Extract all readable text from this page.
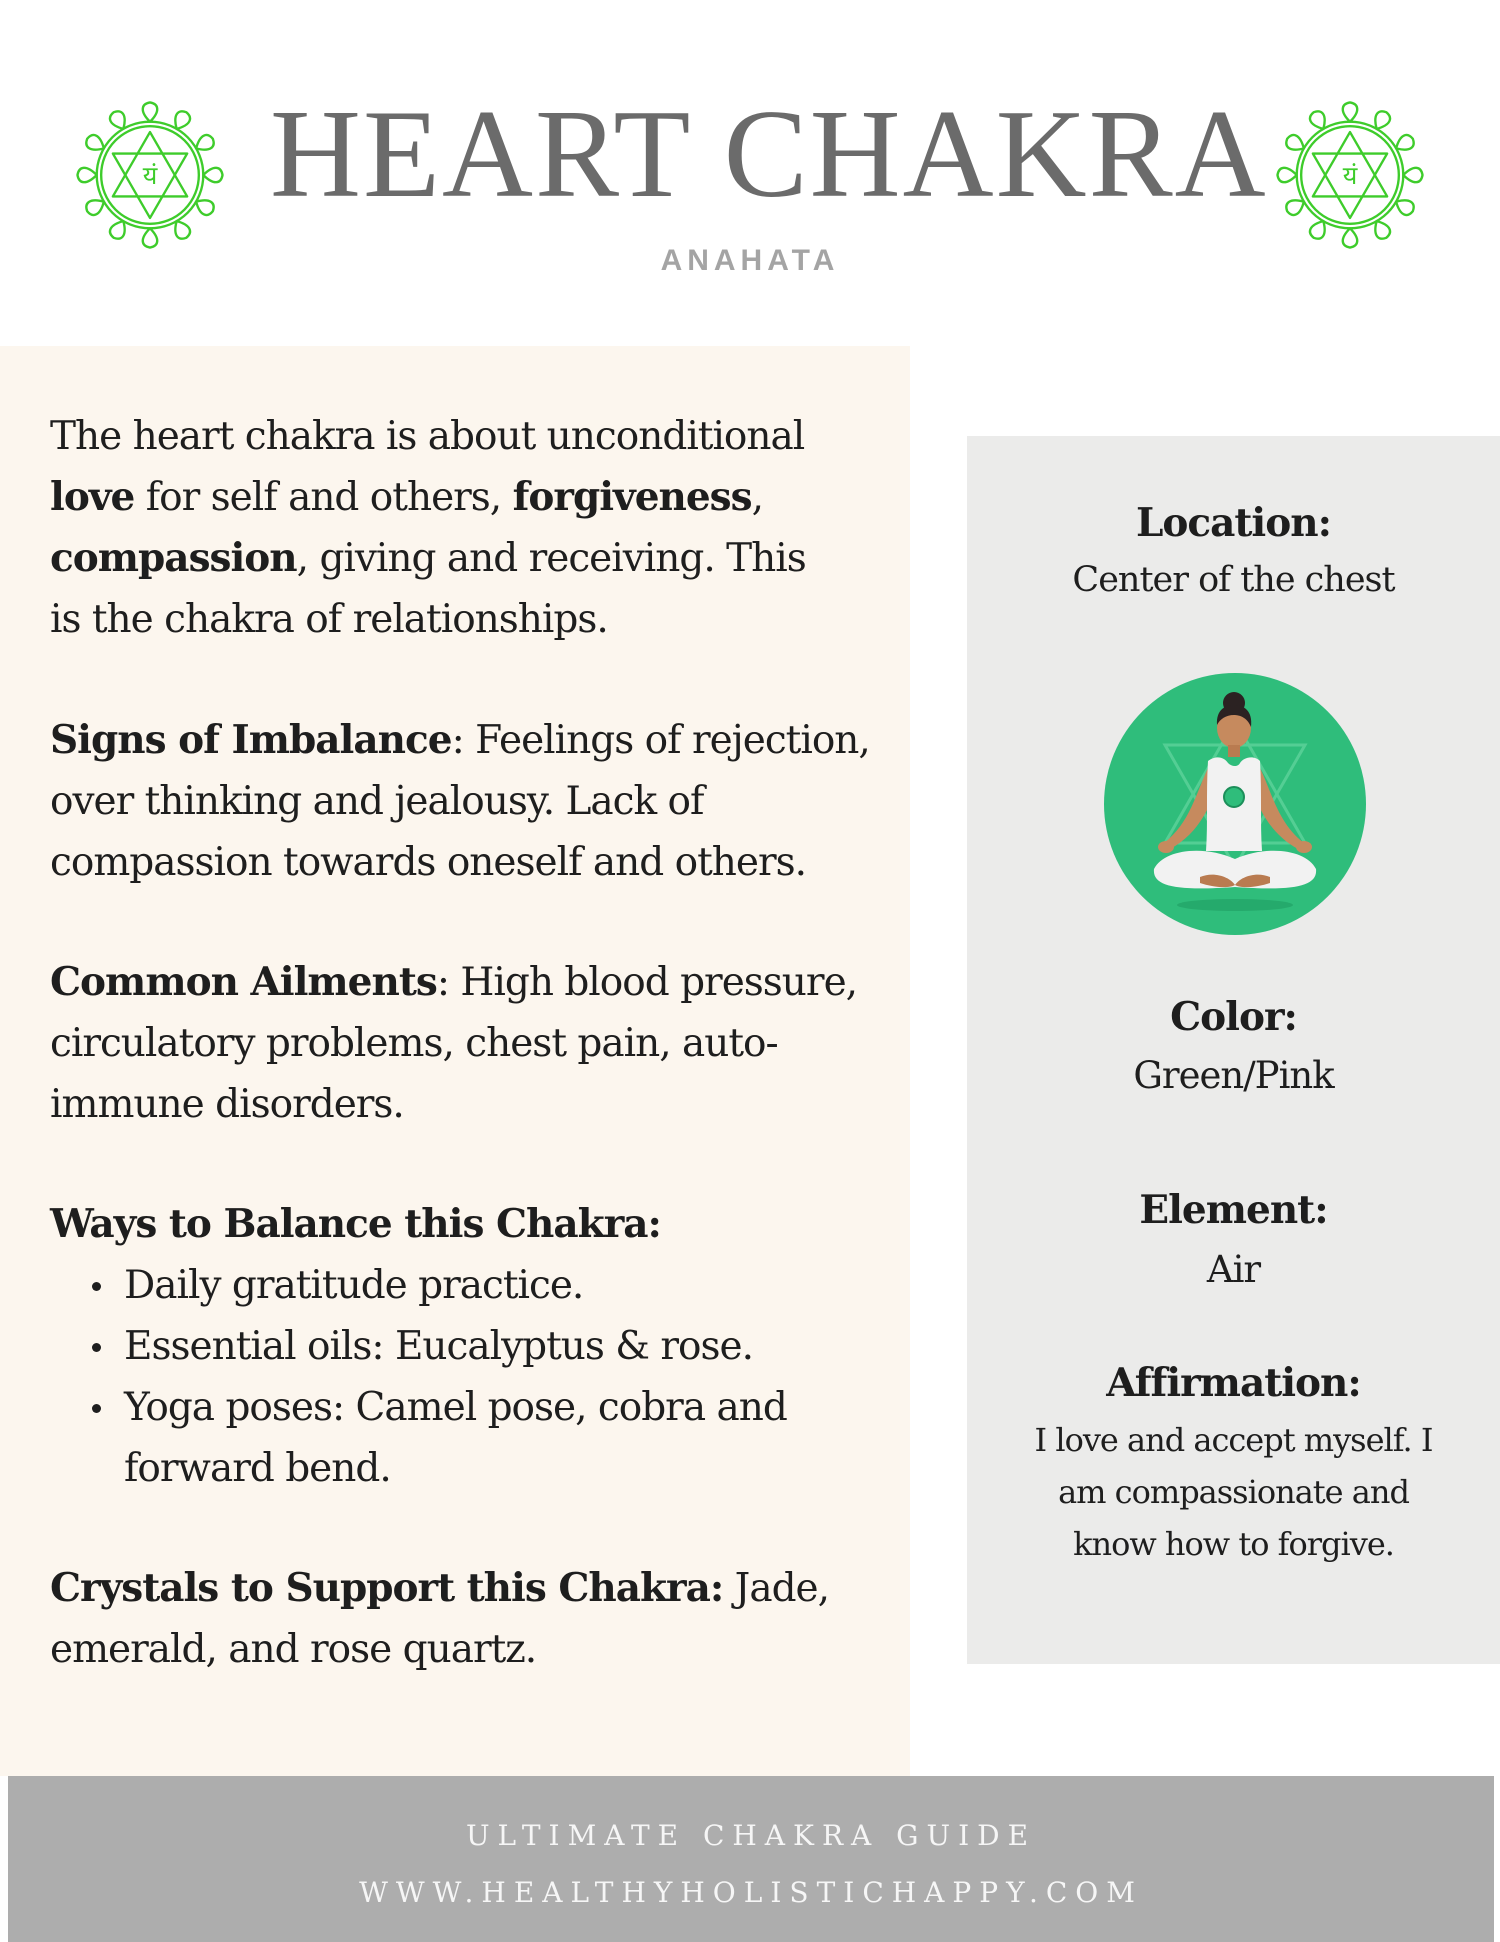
यं HEART CHAKRA
ANAHATA
यं
The heart chakra is about unconditional
love for self and others, forgiveness,
compassion, giving and receiving. This
is the chakra of relationships.
Signs of Imbalance: Feelings of rejection,
over thinking and jealousy. Lack of
compassion towards oneself and others.
Common Ailments: High blood pressure,
circulatory problems, chest pain, auto-
immune disorders.
Ways to Balance this Chakra:
Daily gratitude practice.
Essential oils: Eucalyptus & rose.
Yoga poses: Camel pose, cobra and
forward bend.
Crystals to Support this Chakra: Jade,
emerald, and rose quartz.
Location:
Center of the chest
Color:
Green/Pink
Element:
Air
Affirmation:
I love and accept myself. I
am compassionate and
know how to forgive.
ULTIMATE CHAKRA GUIDE
WWW.HEALTHYHOLISTICHAPPY.COM
